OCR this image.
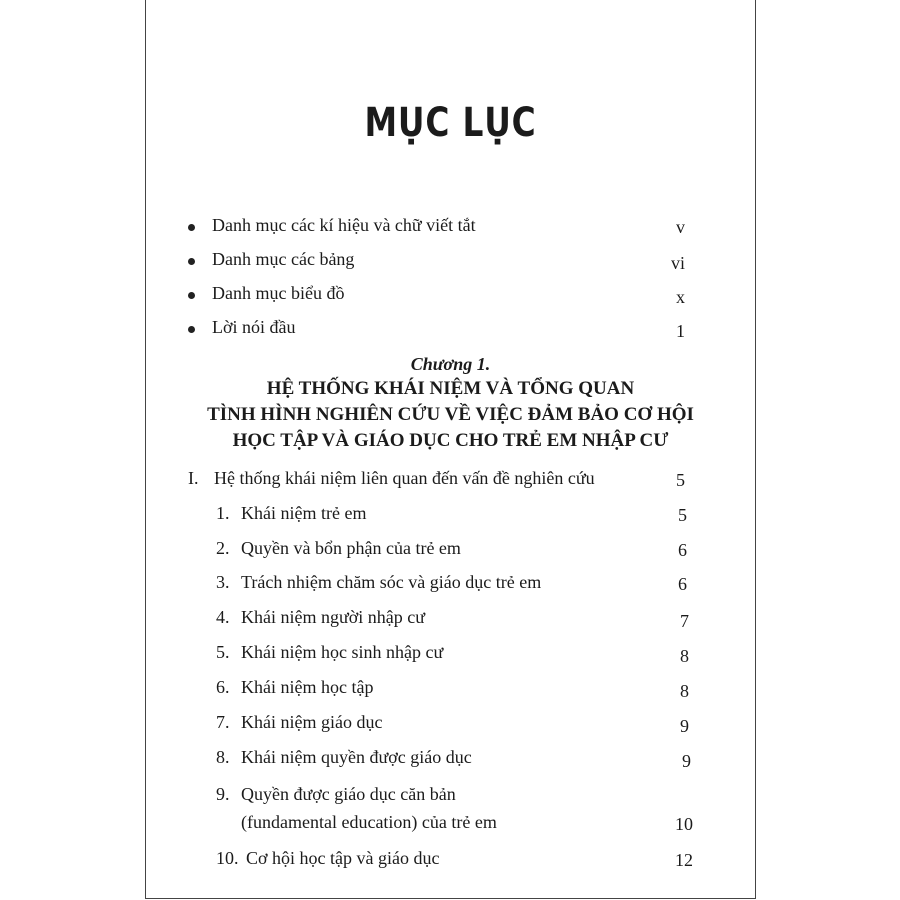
MỤC LỤC
Danh mục các kí hiệu và chữ viết tắt	v
Danh mục các bảng	vi
Danh mục biểu đồ	x
Lời nói đầu	1
Chương 1.
HỆ THỐNG KHÁI NIỆM VÀ TỔNG QUAN
TÌNH HÌNH NGHIÊN CỨU VỀ VIỆC ĐẢM BẢO CƠ HỘI
HỌC TẬP VÀ GIÁO DỤC CHO TRẺ EM NHẬP CƯ
I. Hệ thống khái niệm liên quan đến vấn đề nghiên cứu	5
1. Khái niệm trẻ em	5
2. Quyền và bổn phận của trẻ em	6
3. Trách nhiệm chăm sóc và giáo dục trẻ em	6
4. Khái niệm người nhập cư	7
5. Khái niệm học sinh nhập cư	8
6. Khái niệm học tập	8
7. Khái niệm giáo dục	9
8. Khái niệm quyền được giáo dục	9
9. Quyền được giáo dục căn bản
(fundamental education) của trẻ em	10
10. Cơ hội học tập và giáo dục	12
